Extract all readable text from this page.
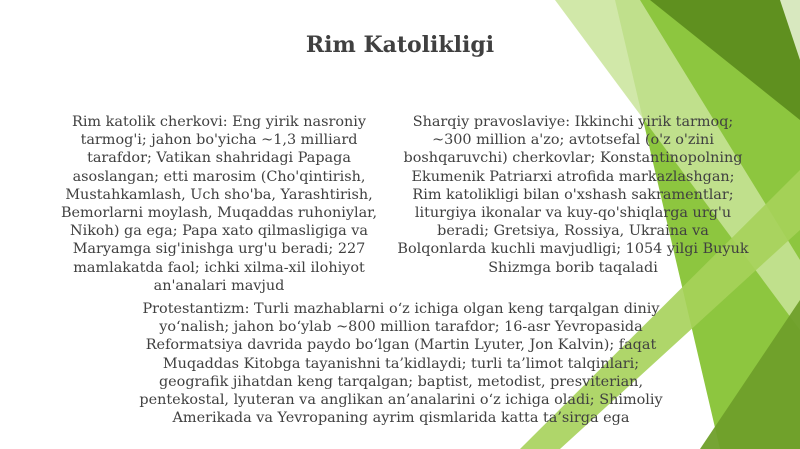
Rim Katolikligi

Rim katolik cherkovi: Eng yirik nasroniy tarmog'i; jahon bo'yicha ~1,3 milliard tarafdor; Vatikan shahridagi Papaga asoslangan; etti marosim (Cho'qintirish, Mustahkamlash, Uch sho'ba, Yarashtirish, Bemorlarni moylash, Muqaddas ruhoniylar, Nikoh) ga ega; Papa xato qilmasligiga va Maryamga sig'inishga urg'u beradi; 227 mamlakatda faol; ichki xilma-xil ilohiyot an'analari mavjud

Sharqiy pravoslaviye: Ikkinchi yirik tarmoq; ~300 million a'zo; avtotsefal (o'z o'zini boshqaruvchi) cherkovlar; Konstantinopolning Ekumenik Patriarxi atrofida markazlashgan; Rim katolikligi bilan o'xshash sakramentlar; liturgiya ikonalar va kuy-qo'shiqlarga urg'u beradi; Gretsiya, Rossiya, Ukraina va Bolqonlarda kuchli mavjudligi; 1054 yilgi Buyuk Shizmga borib taqaladi

Protestantizm: Turli mazhablarni o‘z ichiga olgan keng tarqalgan diniy yo‘nalish; jahon bo‘ylab ~800 million tarafdor; 16-asr Yevropasida Reformatsiya davrida paydo bo‘lgan (Martin Lyuter, Jon Kalvin); faqat Muqaddas Kitobga tayanishni ta’kidlaydi; turli ta’limot talqinlari; geografik jihatdan keng tarqalgan; baptist, metodist, presviterian, pentekostal, lyuteran va anglikan an’analarini o‘z ichiga oladi; Shimoliy Amerikada va Yevropaning ayrim qismlarida katta ta’sirga ega
